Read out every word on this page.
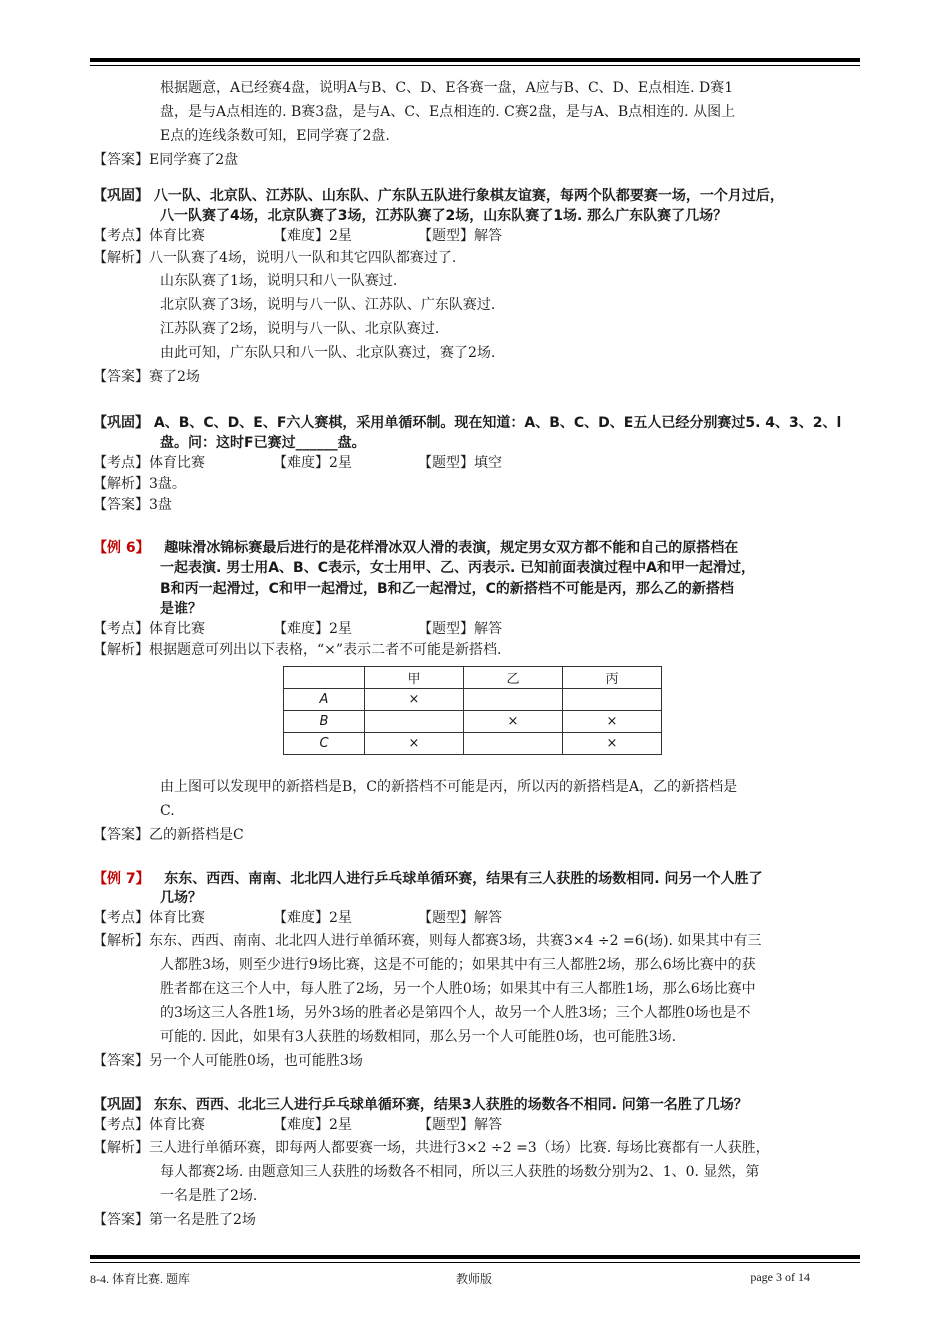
根据题意，A已经赛4盘，说明A与B、C、D、E各赛一盘，A应与B、C、D、E点相连. D赛1
盘，是与A点相连的. B赛3盘，是与A、C、E点相连的. C赛2盘，是与A、B点相连的. 从图上
E点的连线条数可知，E同学赛了2盘.
【答案】E同学赛了2盘
【巩固】 八一队、北京队、江苏队、山东队、广东队五队进行象棋友谊赛，每两个队都要赛一场，一个月过后，
八一队赛了4场，北京队赛了3场，江苏队赛了2场，山东队赛了1场. 那么广东队赛了几场？
【考点】体育比赛	【难度】2星	【题型】解答
【解析】八一队赛了4场，说明八一队和其它四队都赛过了.
山东队赛了1场，说明只和八一队赛过.
北京队赛了3场，说明与八一队、江苏队、广东队赛过.
江苏队赛了2场，说明与八一队、北京队赛过.
由此可知，广东队只和八一队、北京队赛过，赛了2场.
【答案】赛了2场
【巩固】 A、B、C、D、E、F六人赛棋，采用单循环制。现在知道：A、B、C、D、E五人已经分别赛过5. 4、3、2、l
盘。问：这时F已赛过______盘。
【考点】体育比赛	【难度】2星	【题型】填空
【解析】3盘。
【答案】3盘
【例 6】 趣味滑冰锦标赛最后进行的是花样滑冰双人滑的表演，规定男女双方都不能和自己的原搭档在
一起表演. 男士用A、B、C表示，女士用甲、乙、丙表示. 已知前面表演过程中A和甲一起滑过，
B和丙一起滑过，C和甲一起滑过，B和乙一起滑过，C的新搭档不可能是丙，那么乙的新搭档
是谁？
【考点】体育比赛	【难度】2星	【题型】解答
【解析】根据题意可列出以下表格，“×”表示二者不可能是新搭档.
	甲	乙	丙
A	×		
B		×	×
C	×		×
由上图可以发现甲的新搭档是B，C的新搭档不可能是丙，所以丙的新搭档是A，乙的新搭档是
C.
【答案】乙的新搭档是C
【例 7】 东东、西西、南南、北北四人进行乒乓球单循环赛，结果有三人获胜的场数相同. 问另一个人胜了
几场？
【考点】体育比赛	【难度】2星	【题型】解答
【解析】东东、西西、南南、北北四人进行单循环赛，则每人都赛3场，共赛3×4 ÷2 =6(场). 如果其中有三
人都胜3场，则至少进行9场比赛，这是不可能的；如果其中有三人都胜2场，那么6场比赛中的获
胜者都在这三个人中，每人胜了2场，另一个人胜0场；如果其中有三人都胜1场，那么6场比赛中
的3场这三人各胜1场，另外3场的胜者必是第四个人，故另一个人胜3场；三个人都胜0场也是不
可能的. 因此，如果有3人获胜的场数相同，那么另一个人可能胜0场，也可能胜3场.
【答案】另一个人可能胜0场，也可能胜3场
【巩固】 东东、西西、北北三人进行乒乓球单循环赛，结果3人获胜的场数各不相同. 问第一名胜了几场？
【考点】体育比赛	【难度】2星	【题型】解答
【解析】三人进行单循环赛，即每两人都要赛一场，共进行3×2 ÷2 =3（场）比赛. 每场比赛都有一人获胜，
每人都赛2场. 由题意知三人获胜的场数各不相同，所以三人获胜的场数分别为2、1、0. 显然，第
一名是胜了2场.
【答案】第一名是胜了2场
8-4. 体育比赛. 题库	教师版	page 3 of 14
